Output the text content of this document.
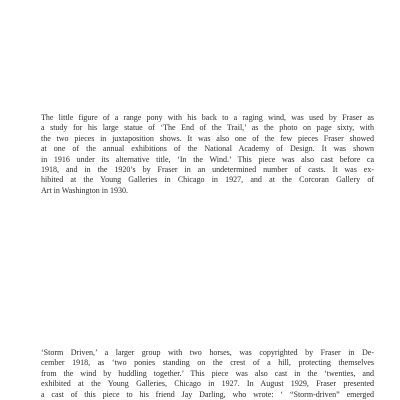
The little figure of a range pony with his back to a raging wind, was used by Fraser as
a study for his large statue of ‘The End of the Trail,’ as the photo on page sixty, with
the two pieces in juxtaposition shows. It was also one of the few pieces Fraser showed
at one of the annual exhibitions of the National Academy of Design. It was shown
in 1916 under its alternative title, ‘In the Wind.’ This piece was also cast before ca
1918, and in the 1920’s by Fraser in an undetermined number of casts. It was ex-
hibited at the Young Galleries in Chicago in 1927, and at the Corcoran Gallery of
Art in Washington in 1930.
‘Storm Driven,’ a larger group with two horses, was copyrighted by Fraser in De-
cember 1918, as ‘two ponies standing on the crest of a hill, protecting themselves
from the wind by huddling together.’ This piece was also cast in the ‘twenties, and
exhibited at the Young Galleries, Chicago in 1927. In August 1929, Fraser presented
a cast of this piece to his friend Jay Darling, who wrote: ‘ “Storm-driven” emerged
